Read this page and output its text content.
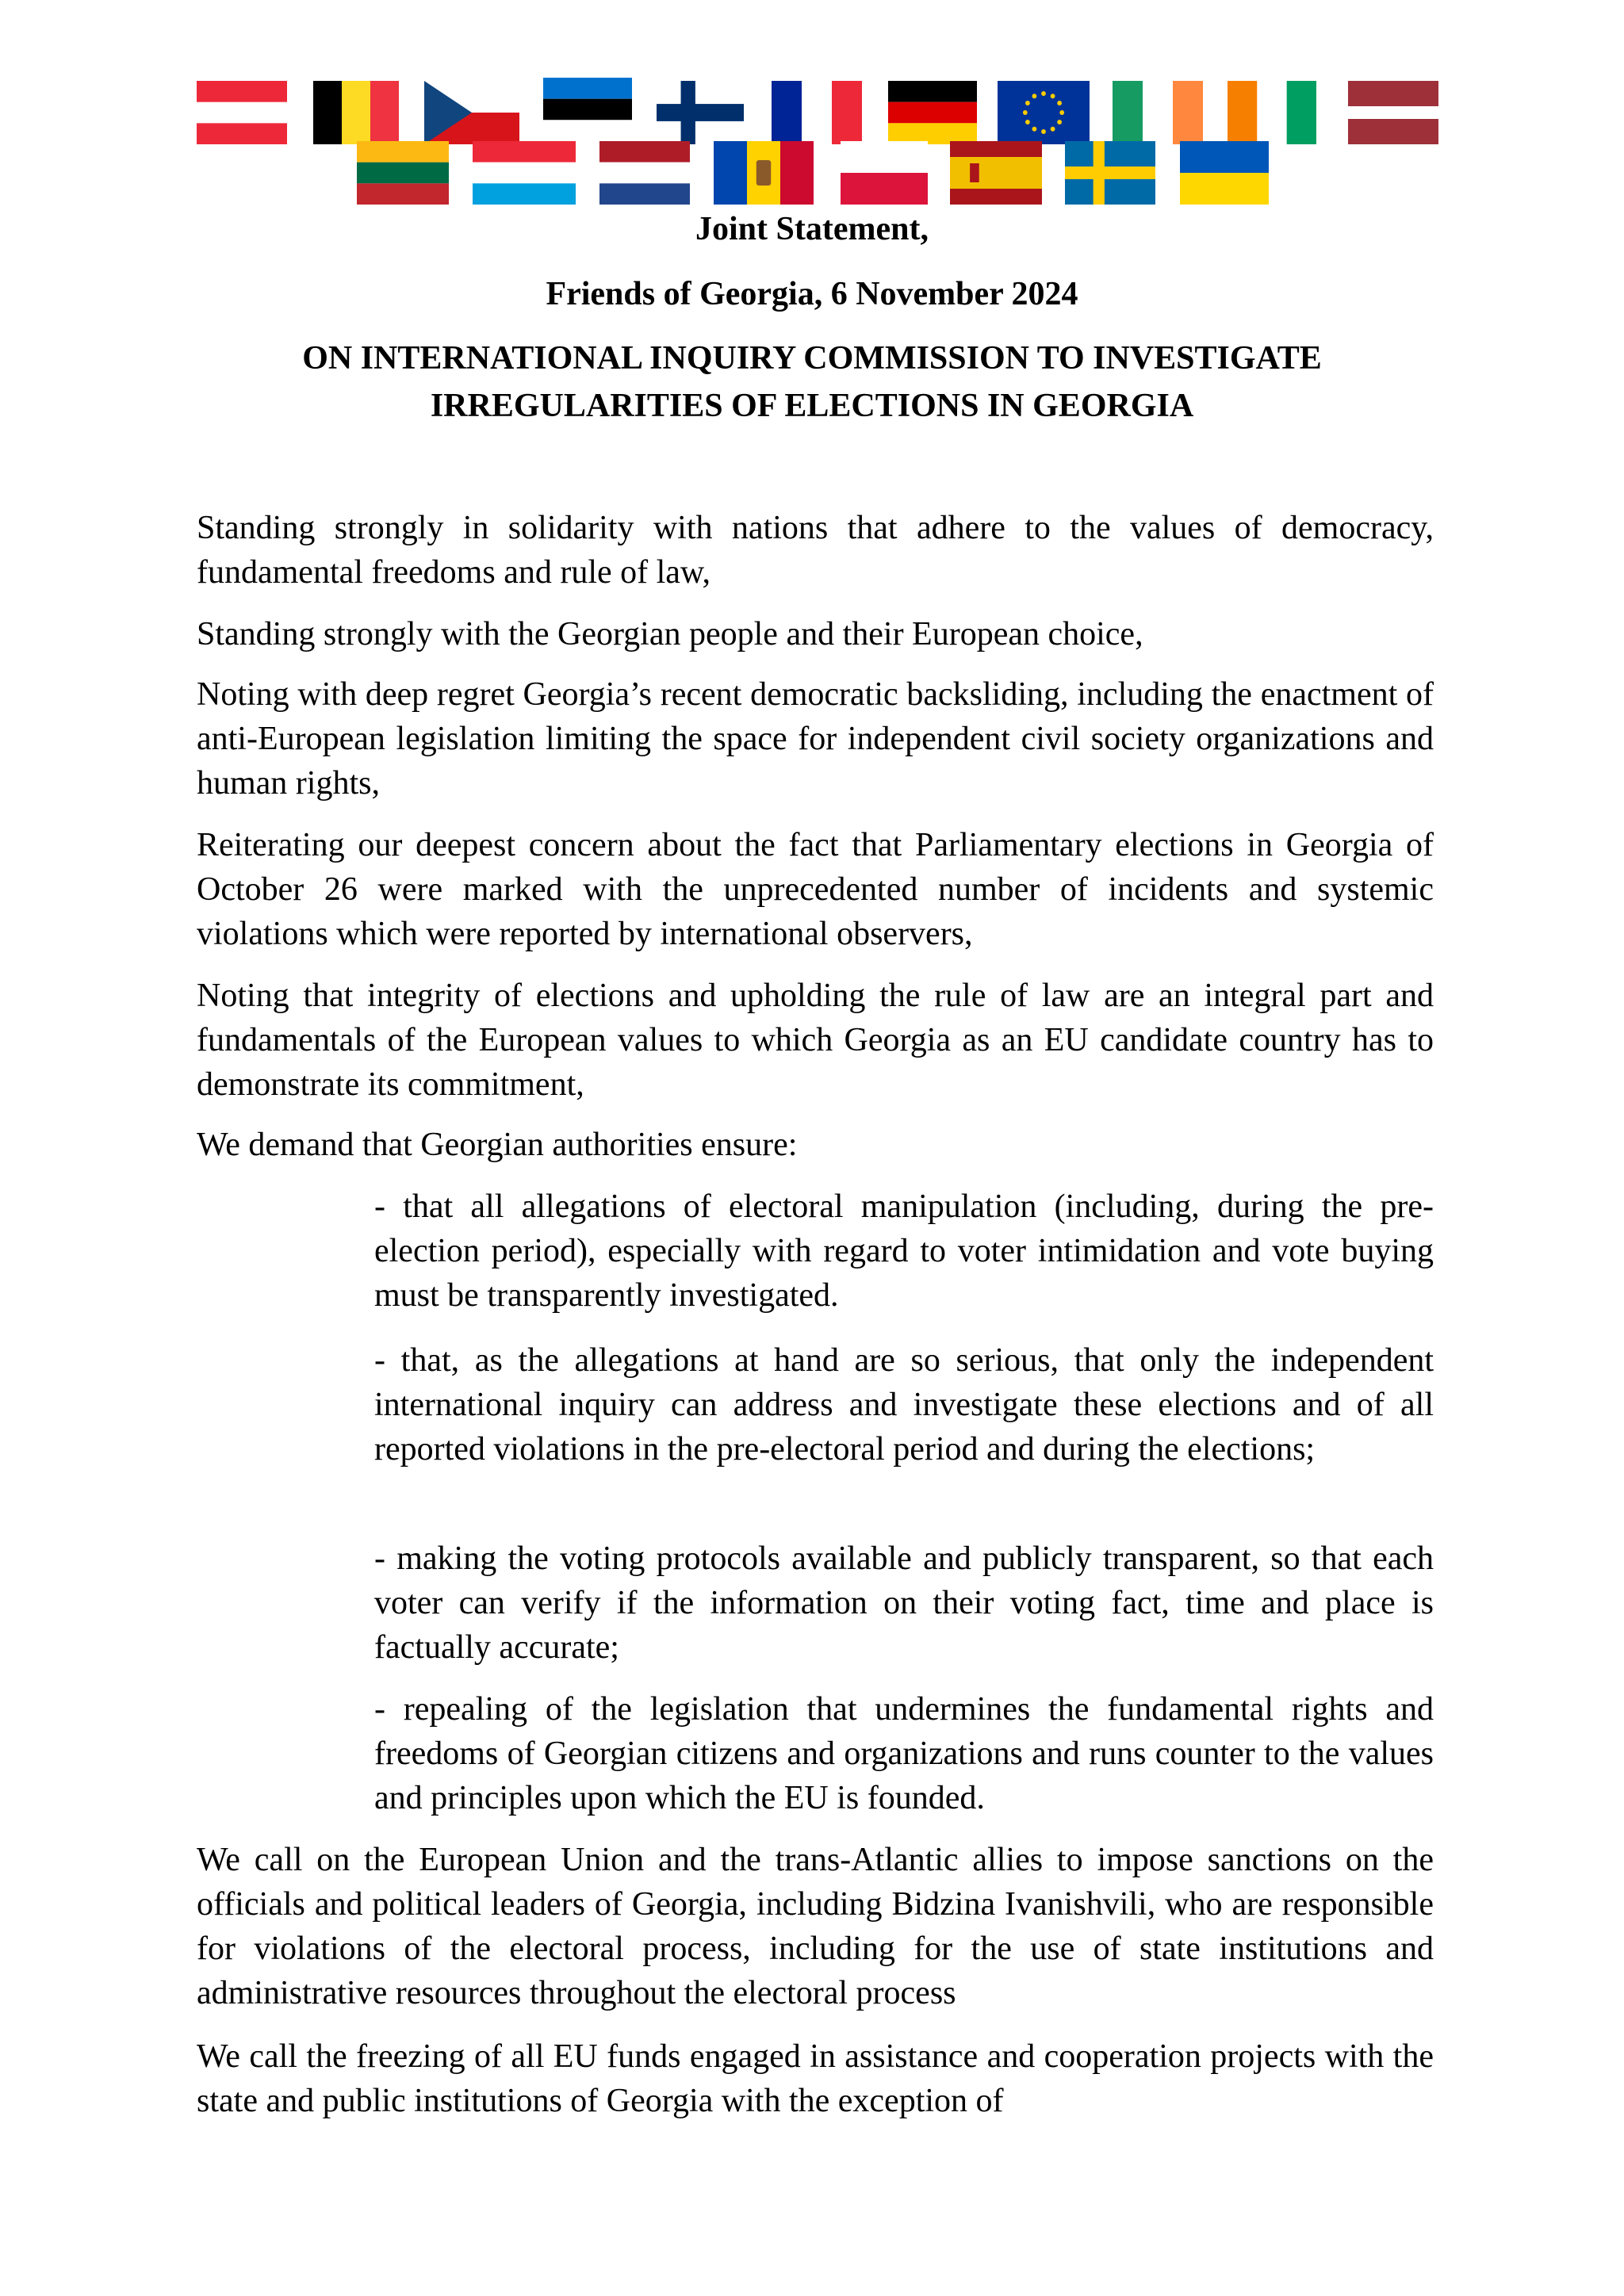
Joint Statement,

Friends of Georgia, 6 November 2024

ON INTERNATIONAL INQUIRY COMMISSION TO INVESTIGATE
IRREGULARITIES OF ELECTIONS IN GEORGIA

Standing strongly in solidarity with nations that adhere to the values of democracy, fundamental freedoms and rule of law,

Standing strongly with the Georgian people and their European choice,

Noting with deep regret Georgia’s recent democratic backsliding, including the enactment of anti-European legislation limiting the space for independent civil society organizations and human rights,

Reiterating our deepest concern about the fact that Parliamentary elections in Georgia of October 26 were marked with the unprecedented number of incidents and systemic violations which were reported by international observers,

Noting that integrity of elections and upholding the rule of law are an integral part and fundamentals of the European values to which Georgia as an EU candidate country has to demonstrate its commitment,

We demand that Georgian authorities ensure:

- that all allegations of electoral manipulation (including, during the pre-election period), especially with regard to voter intimidation and vote buying must be transparently investigated.

- that, as the allegations at hand are so serious, that only the independent international inquiry can address and investigate these elections and of all reported violations in the pre-electoral period and during the elections;

- making the voting protocols available and publicly transparent, so that each voter can verify if the information on their voting fact, time and place is factually accurate;

- repealing of the legislation that undermines the fundamental rights and freedoms of Georgian citizens and organizations and runs counter to the values and principles upon which the EU is founded.

We call on the European Union and the trans-Atlantic allies to impose sanctions on the officials and political leaders of Georgia, including Bidzina Ivanishvili, who are responsible for violations of the electoral process, including for the use of state institutions and administrative resources throughout the electoral process

We call the freezing of all EU funds engaged in assistance and cooperation projects with the state and public institutions of Georgia with the exception of
